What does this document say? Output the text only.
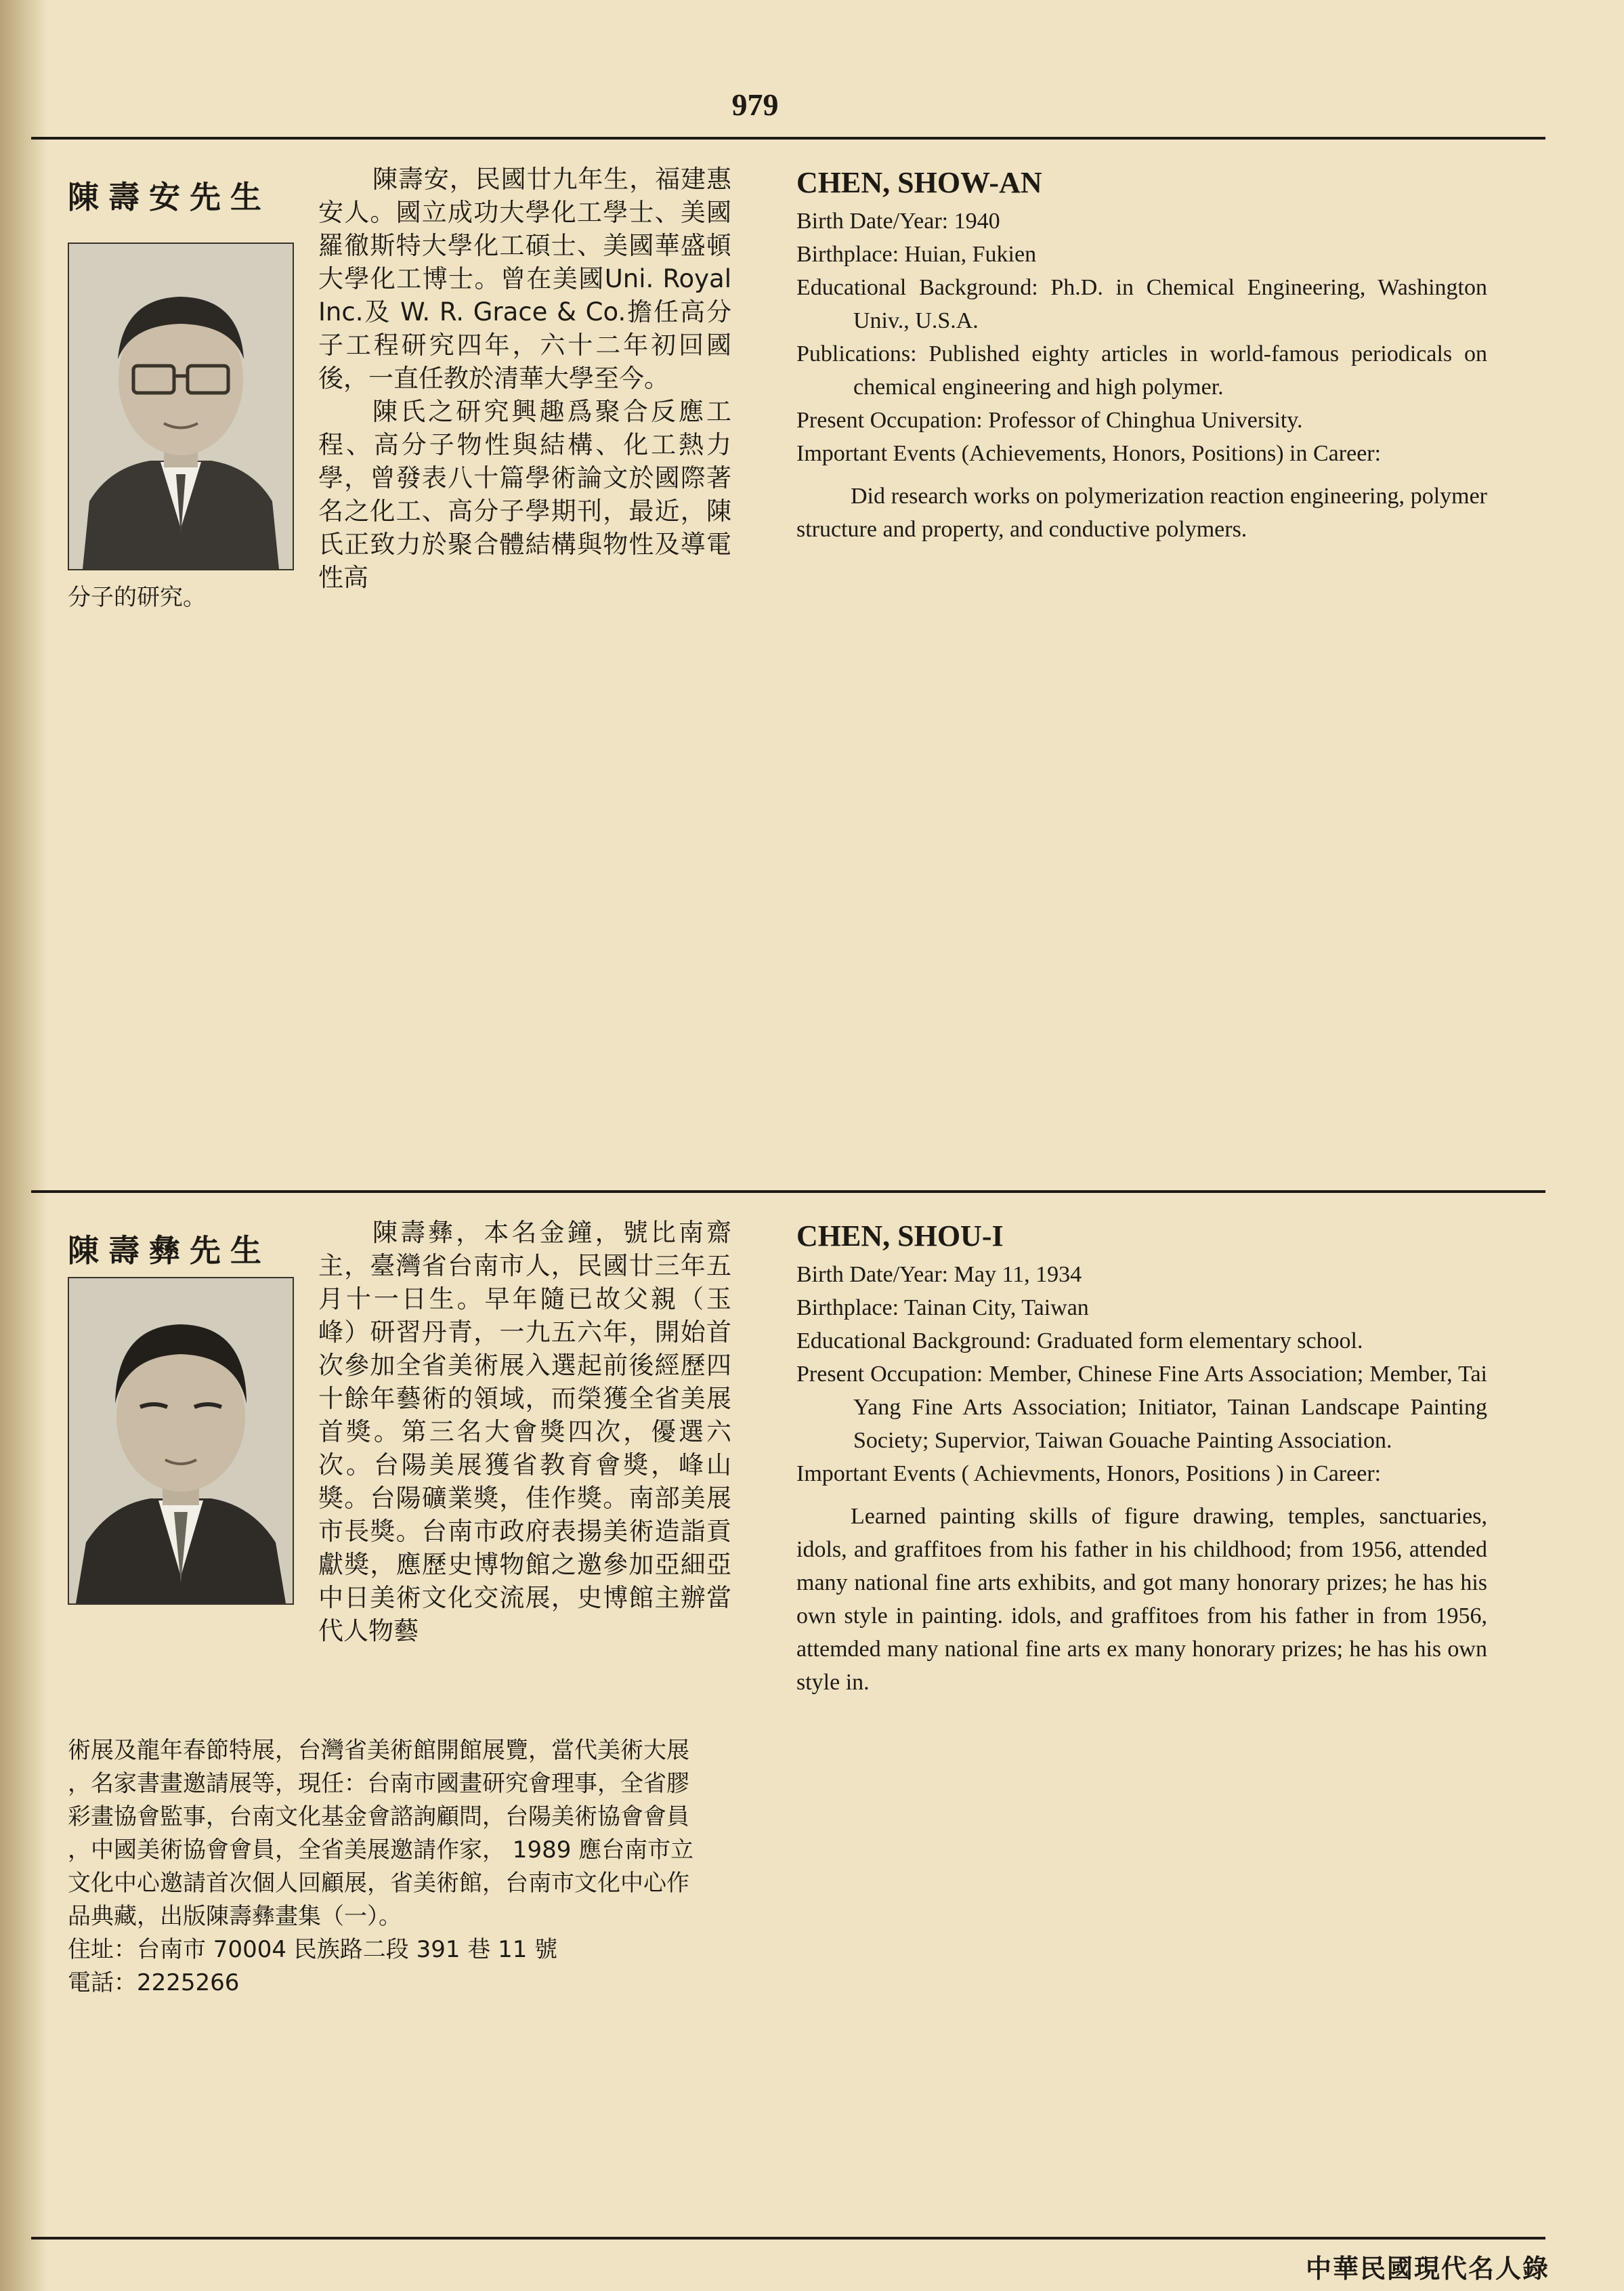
979
陳壽安先生	陳壽安，民國廿九年生，福建惠安人。國立成功大學化工學士、美國羅徹斯特大學化工碩士、美國華盛頓大學化工博士。曾在美國Uni. Royal Inc.及 W. R. Grace & Co.擔任高分子工程研究四年，六十二年初回國後，一直任教於清華大學至今。

陳氏之研究興趣爲聚合反應工程、高分子物性與結構、化工熱力學，曾發表八十篇學術論文於國際著名之化工、高分子學期刊，最近，陳氏正致力於聚合體結構與物性及導電性高

分子的研究。
CHEN, SHOW-AN
Birth Date/Year: 1940
Birthplace: Huian, Fukien
Educational Background: Ph.D. in Chemical Engineering, Washington Univ., U.S.A.
Publications: Published eighty articles in world-famous periodicals on chemical engineering and high polymer.
Present Occupation: Professor of Chinghua University.
Important Events (Achievements, Honors, Positions) in Career:
Did research works on polymerization reaction engineering, polymer structure and property, and conductive polymers.
陳壽彝先生	陳壽彝，本名金鐘，號比南齋主，臺灣省台南市人，民國廿三年五月十一日生。早年隨已故父親（玉峰）研習丹青，一九五六年，開始首次參加全省美術展入選起前後經歷四十餘年藝術的領域，而榮獲全省美展首獎。第三名大會獎四次，優選六次。台陽美展獲省教育會獎，峰山獎。台陽礦業獎，佳作獎。南部美展市長獎。台南市政府表揚美術造詣貢獻獎，應歷史博物館之邀參加亞細亞中日美術文化交流展，史博館主辦當代人物藝

術展及龍年春節特展，台灣省美術館開館展覽，當代美術大展
，名家書畫邀請展等，現任：台南市國畫研究會理事，全省膠
彩畫協會監事，台南文化基金會諮詢顧問，台陽美術協會會員
，中國美術協會會員，全省美展邀請作家， 1989 應台南市立
文化中心邀請首次個人回顧展，省美術館，台南市文化中心作
品典藏，出版陳壽彝畫集（一）。
住址：台南市 70004 民族路二段 391 巷 11 號
電話：2225266
CHEN, SHOU-I
Birth Date/Year: May 11, 1934
Birthplace: Tainan City, Taiwan
Educational Background: Graduated form elementary school.
Present Occupation: Member, Chinese Fine Arts Association; Member, Tai Yang Fine Arts Association; Initiator, Tainan Landscape Painting Society; Supervior, Taiwan Gouache Painting Association.
Important Events ( Achievments, Honors, Positions ) in Career:
Learned painting skills of figure drawing, temples, sanctuaries, idols, and graffitoes from his father in his childhood; from 1956, attended many national fine arts exhibits, and got many honorary prizes; he has his own style in painting. idols, and graffitoes from his father in from 1956, attemded many national fine arts ex many honorary prizes; he has his own style in.
中華民國現代名人錄
